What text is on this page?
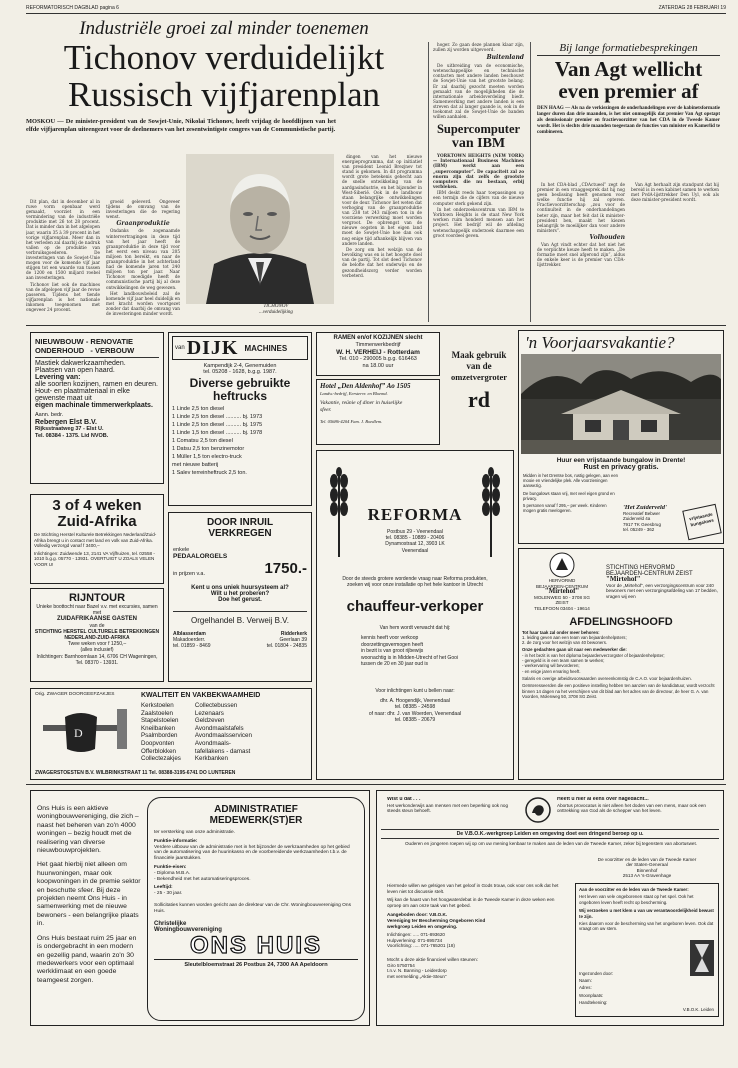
REFORMATORISCH DAGBLAD pagina 6	ZATERDAG 28 FEBRUARI 19
Industriële groei zal minder toenemen
Tichonov verduidelijkt
Russisch vijfjarenplan
MOSKOU — De minister-president van de Sowjet-Unie, Nikolai Tichonov, heeft vrijdag de hoofdlijnen van het elfde vijfjarenplan uiteengezet voor de deelnemers van het zesentwintigste congres van de Communistische partij.

Dit plan, dat in december al in ruwe vorm openbaar werd gemaakt, voorziet in een vermindering van de industriële produktie met 26 tot 28 procent. Dat is minder dan in het afgelopen jaar, waarin 35 à 39 procent in het vorige vijfjarenplan. Meer dan in het verleden zal daarbij de nadruk vallen op de produktie van verbruiksgoederen. De investeringen van de Sowjet-Unie mogen voor de komende vijf jaar stijgen tot een waarde van tussen de 1200 en 1500 miljard roebel aan investeringen.

Tichonov liet ook de machines van de afgelopen vijf jaar de revue passeren. Tijdens het tiende vijfjarenplan is het nationale inkomen toegenomen met ongeveer 24 procent.

groeid geleverd. Ongeveer tijdens de omvang van de investeringen die de regering wenst.

Graanproduktie

Ondanks de zogenaamde wintervertragingen in deze tijd van het jaar heeft de graanproduktie in deze tijd voor het eerst een niveau van 205 miljoen ton bereikt, en naar de graanproduktie in het achterland had de komende jaren tot 240 miljoen ton per jaar. Naar Tichonov moedigde heeft de communistische partij bij al deze ontwikkelingen de weg gewezen.

Het landbouwbeleid zal de komende vijf jaar heel duidelijk en met kracht worden voortgezet zonder dat daarbij de omvang van de investeringen minder wordt.

TICHONOV
...verduidelijking

dingen van het nieuwe energieprogramma, dat op initiatief van president Leonid Brezjnev tot stand is gekomen. In dit programma wordt grote betekenis gehecht aan de snelle ontwikkeling van de aardgasindustrie, en het bijzonder in West-Siberië. Ook in de landbouw staan belangrijke ontwikkelingen voor de deur. Tichonov liet weten dat verhoging van de graanproduktie van 238 tot 243 miljoen ton in de voorziene verwerking moet worden vergroot. De opbrengst van de nieuwe oogsten in het eigen land moet de Sowjet-Unie hoe dan ook nog enige tijd afhankelijk blijven van andere landen.

De zorg om het welzijn van de bevolking was en is het hoogste doel van de partij. Tot slot deed Tichonov de belofte dat het onderwijs en de gezondheidszorg verder worden verbeterd.

hoger. Zo gaan deze plannen klaar zijn, zullen zij worden uitgevoerd.

Buitenland

De uitbreiding van de economische, wetenschappelijke en technische contacten met andere landen beschouwt de Sowjet-Unie van het grootste belang. Er zal daarbij gezocht moeten worden gemaakt van de mogelijkheden die de internationale arbeidsverdeling biedt. Samenwerking met andere landen is een streven dat al langer gaande is, ook in de toekomst zal de Sowjet-Unie de banden willen aanhalen.

Supercomputer
van IBM

YORKTOWN HEIGHTS (NEW YORK) — Internationaal Business Machines (IBM) werkt aan een „supercomputer”. De capaciteit zal zo enorm zijn dat zelfs de grootste computers die nu bestaan, erbij verbleken.

IBM deskt reeds haar toepassingen op een termijn die de cijfers van de nieuwe computer sterk gekend zijn.

In het onderzoekscentrum van IBM te Yorktown Heights is de staat New York werken ruim honderd mensen aan het project. Het bedrijf wil de afdeling wetenschappelijk onderzoek daarmee een groot voordeel geven.

Bij lange formatiebesprekingen
Van Agt wellicht
even premier af
DEN HAAG — Als na de verkiezingen de onderhandelingen over de kabinetsformatie langer duren dan drie maanden, is het niet onmogelijk dat premier Van Agt opstapt als demissionair premier en fractievoorzitter van het CDA in de Tweede Kamer wordt. Het is slechts drie maanden toegestaan de functies van minister en Kamerlid te combineren.

In het CDA-blad „CDActueel” zegt de premier in een vraaggesprek dat hij nog geen beslissing heeft genomen voor welke functie hij zal opteren. Fractievoorzitterschap „zou voor de continuïteit in de onderhandelingen beter zijn, maar het feit dat ik minister-president ben, maakt het kiezen belangrijk te moeilijker dan voor andere ministers”.

Volhouden

Van Agt vindt echter dat het niet het de verplichte keuze heeft te maken. „De formatie moet snel afgerond zijn”, aldus de enkele keer is de premier van CDA-lijsttrekker.

Van Agt herhaalt zijn standpunt dat hij bereid is in een kabinet samen te werken met PvdA-lijsttrekker Den Uyl, ook als deze minister-president wordt.

NIEUWBOUW - RENOVATIE
ONDERHOUD   - VERBOUW
Mastiek dakwerkzaamheden.
Plaatsen van open haard.
Levering van:
alle soorten kozijnen, ramen en deuren.
Hout- en plaatmateriaal in elke gewenste maat uit
eigen machinale timmerwerkplaats.
Aann. bedr.
Rebergen Elst B.V.
Rijksstraatweg 37 - Elst U.
Tel. 08384 - 1375. Lid NVOB.
van DIJK MACHINES
Kampendijk 2-4, Genemuiden
tel. 05208 - 1628, b.g.g. 1987.
Diverse gebruikte
heftrucks
1 Linde 2,5 ton diesel
1 Linde 2,5 ton diesel .......... bj. 1973
1 Linde 2,5 ton diesel .......... bj. 1975
1 Linde 1,5 ton diesel .......... bj. 1978
1 Comatsu 2,5 ton diesel
1 Datsu 2,5 ton benzinemotor
1 Müller 1,5 ton electro-truck
met nieuwe batterij
1 Salev terreinheftruck 2,5 ton.
RAMEN en/of KOZIJNEN slecht
Timmerwerkbedrijf
W. H. VERHEIJ - Rotterdam
Tel. 010 - 290005 b.g.g. 616463
na 18.00 uur
Hotel „Den Aldenhof” Ao 1505
Landw.-bedrijf, Eerstervr. en Bloemd.
Vakantie, reünie of diner in huiselijke
sfeer.
Tel. 05686-4204 Fam. J. Boedlem.
Maak gebruik
van de
omzetvergroter
rd
'n Voorjaarsvakantie?
Huur een vrijstaande bungalow in Drente!
Rust en privacy gratis.

Midden in het Drentse bos, rustig gelegen, aan een mooie en vriendelijke plek. Alle voorzieningen aanwezig.

De bungalows staan vrij, met veel eigen grond en privacy.

5 personen vanaf f 295,– per week. Kinderen mogen gratis meelogeren.	'Het Zuiderveld'
Recreatief Bebwer
Zuiderveld 4a
7917 TK Geesbrug
tel. 05249 - 362
vrijstaande bungalows
3 of 4 weken
Zuid-Afrika
De Stichting Herstel Kulturele Betrekkingen Nederland/Zuid-Afrika brengt u in contact met land en volk van Zuid-Afrika. Volledig verzorgd vanaf f 3400,–
Inlichtingen: Zuidwende 13, 2141 VA Vijfhuizen, tel. 02558 - 1010 b.g.g. 05770 - 13931. OVERTUIGT U ZOALS VELEN VOOR U!
RIJNTOUR
Unieke boottocht naar Bazel v.v. met excursies, samen met
ZUIDAFRIKAANSE GASTEN
van de
STICHTING HERSTEL CULTURELE BETREKKINGEN NEDERLAND-ZUID-AFRIKA
Twee weken voor f 1250,–
(alles inclusief)
Inlichtingen: Barnhoornlaan 14, 6706 CH Wageningen, Tel. 08370 - 13931.
DOOR INRUIL
VERKREGEN
enkele
PEDAALORGELS
in prijzen v.a.	1750.-
Kent u ons uniek huursysteem al?
Wilt u het proberen?
Doe het gerust.
Orgelhandel B. Verweij B.V.
Alblasserdam
Makadoerderr.
tel. 01859 - 8469
Ridderkerk
Geerlaan 39
tel. 01804 - 24835
REFORMA
Postbus 29 - Veenendaal
tel. 08385 - 10889 - 20406
Dynamostraat 12, 3903 LK
Veenendaal
Door de steeds grotere wordende vraag naar Reforma produkten, zoeken wij voor onze installatie op het hele kantoor in Utrecht
chauffeur-verkoper
Van hem wordt verwacht dat hij:
kennis heeft voor verkoop
doorzettingsvermogen heeft
in bezit is van groot rijbewijs
woonachtig is in Midden-Utrecht of het Gooi
tussen de 20 en 30 jaar oud is
Voor inlichtingen kunt u bellen naar:
dhr. A. Hoogendijk, Veenendaal
tel. 08385 - 24598
of naar: dhr. J. van Woerden, Veenendaal
tel. 08385 - 20679
HERVORMD
BEJAARDEN-CENTRUM
"Mirtehof"
MOLENWEG 50 - 3708 SG
ZEIST
TELEFOON 03404 - 19614
STICHTING HERVORMD
BEJAARDEN-CENTRUM ZEIST
"Mirtehof"
Voor de „Mirtehof”, een verzorgingscentrum voor 240 bewoners met een verzorgingsafdeling van 17 bedden, vragen wij een
AFDELINGSHOOFD
Tot haar taak zal onder meer behoren:
1. leiding geven aan een team van bejaardenhelpsters;
2. de zorg voor het welzijn van 40 bewoners.
Onze gedachten gaan uit naar een medewerker die:
- in het bezit is van het diploma bejaardenverzorgster of bejaardenhelpster;
- geregeld is in een team samen te werken;
- werkervaring wil bevorderen;
- en enige jaren ervaring heeft.
Salaris en overige arbeidsvoorwaarden overeenkomstig de C.A.O. voor bejaardenhuizen.
Geïnteresseerden die een positieve instelling hebben ten aanzien van de kandidatuur, wordt verzocht binnen 14 dagen na het verschijnen van dit blad aan het adres van de directeur, de heer G. A. van Voorden, Molenweg 50, 3708 SG Zeist.
Orig. ZWAGER DOORGEEFZAKJES
D
KWALITEIT EN VAKBEKWAAMHEID
Kerkstoelen
Zaalstoelen
Stapelstoelen
Kneilbanken
Psalmborden
Doopvonten
Offerblokken
Collectezakjes
Collectebussen
Lezenaars
Geldzeven
Avondmaalstafels
Avondmaalsservicen
Avondmaals-
tafellakens - damast
Kerkbanken
ZWAGERSTOESTEN B.V. WILBRINKSTRAAT 11 Tel. 08388-3195-6741 DO LUNTEREN

Ons Huis is een aktieve woningbouwvereniging, die zich – naast het beheren van zo'n 4000 woningen – bezig houdt met de realisering van diverse nieuwbouwprojekten.

Het gaat hierbij niet alleen om huurwoningen, maar ook koopwoningen in de premie sektor en beschutte sfeer. Bij deze projekten neemt Ons Huis - in samenwerking met de nieuwe bewoners - een belangrijke plaats in.

Ons Huis bestaat ruim 25 jaar en is ondergebracht in een modern en gezellig pand, waarin zo'n 30 medewerkers voor een optimaal werkklimaat en een goede teamgeest zorgen.

ADMINISTRATIEF
MEDEWERK(ST)ER
ter versterking van onze administratie.
Funktie-informatie:
Verdere uitbouw van de administratie met in het bijzonder de werkzaamheden op het gebied van de automatisering van de huurinkasso en de voorbereidende werkzaamheden t.b.v. de financiële jaarstukken.
Funktie-eisen:
- Diploma M.B.A.
- Bekendheid met het automatiseringsproces.
Leeftijd:
- 25 - 30 jaar.
Sollicitaties kunnen worden gericht aan de direkteur van de Chr. Woningbouwvereniging Ons Huis.
Christelijke
Woningbouwvereniging
ONS HUIS
Sleutelbloemstraat 26 Postbus 24, 7300 AA Apeldoorn
Wist u dat . . .
Het werkonderwijs aan mensen met een beperking ook nog steeds steun behoeft.
Heeft u hier al eens over nagedacht...
Abortus provocatus is niet alleen het doden van een mens, maar ook een onttrekking van God als de schepper van het leven.
De V.B.O.K.-werkgroep Leiden en omgeving doet een dringend beroep op u.
Ouderen en jongeren roepen wij op om uw mening kenbaar te maken aan de leden van de Tweede Kamer, zeker bij tegenstem van abortuswet.
De voorzitter en de leden van de Tweede Kamer
der Staten-Generaal
Binnenhof
2513 AA 's-Gravenhage
Aan de voorzitter en de leden van de Tweede Kamer:
Het leven van vele ongeborenen staat op het spel. Ook het ongeboren leven heeft recht op bescherming.
Wij verzoeken u met klem u van uw verantwoordelijkheid bewust te zijn.
Kies daarom voor de bescherming van het ongeboren leven. Ook dat vraagt om uw stem.
Ingezonden door:
Naam:
Adres:
Woonplaats:
Handtekening:
V.B.O.K. Leiden
Hiermede willen we gelsigen van het geloof in Gods trouw, ook voor ons volk dat het leven niet tot discussie stelt.
Wij kan de haast van het hoogwaterdebat in de Tweede Kamer in deze weken een oproep om aan onze taak van het gebed.
Aangeboden door: V.B.O.K.
Vereniging ter Bescherming Ongeboren Kind
werkgroep Leiden en omgeving.
Inlichtingen: ..... 071-893620
Hulpverlening: 071-895734
Voorlichting: ..... 071-765201 (18)
Mocht u deze aktie financieel willen steunen:
Giro 5750754
t.n.v. N. Banning - Leiderdorp
met vermelding „Aktie-Steun”
